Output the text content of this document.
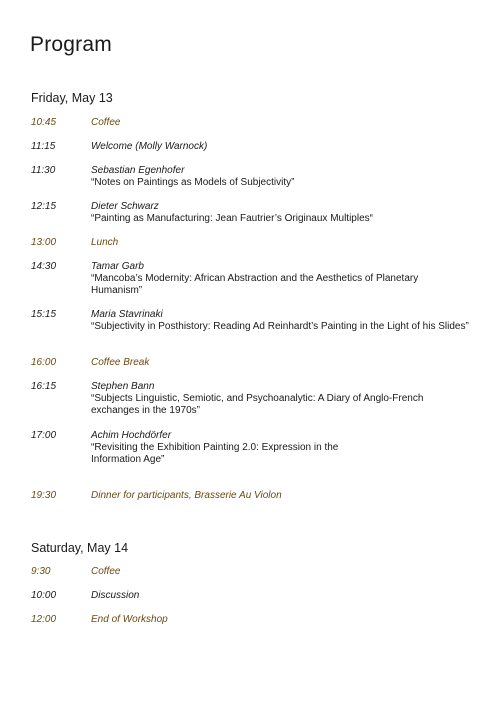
Program
Friday, May 13
10:45	Coffee
11:15	Welcome (Molly Warnock)
11:30	Sebastian Egenhofer
“Notes on Paintings as Models of Subjectivity”
12:15	Dieter Schwarz
“Painting as Manufacturing: Jean Fautrier’s Originaux Multiples“
13:00	Lunch
14:30	Tamar Garb
“Mancoba’s Modernity: African Abstraction and the Aesthetics of Planetary Humanism”
15:15	Maria Stavrinaki
“Subjectivity in Posthistory: Reading Ad Reinhardt’s Painting in the Light of his Slides”
16:00	Coffee Break
16:15	Stephen Bann
“Subjects Linguistic, Semiotic, and Psychoanalytic: A Diary of Anglo-French exchanges in the 1970s”
17:00	Achim Hochdörfer
“Revisiting the Exhibition Painting 2.0: Expression in the Information Age”
19:30	Dinner for participants, Brasserie Au Violon
Saturday, May 14
9:30	Coffee
10:00	Discussion
12:00	End of Workshop
